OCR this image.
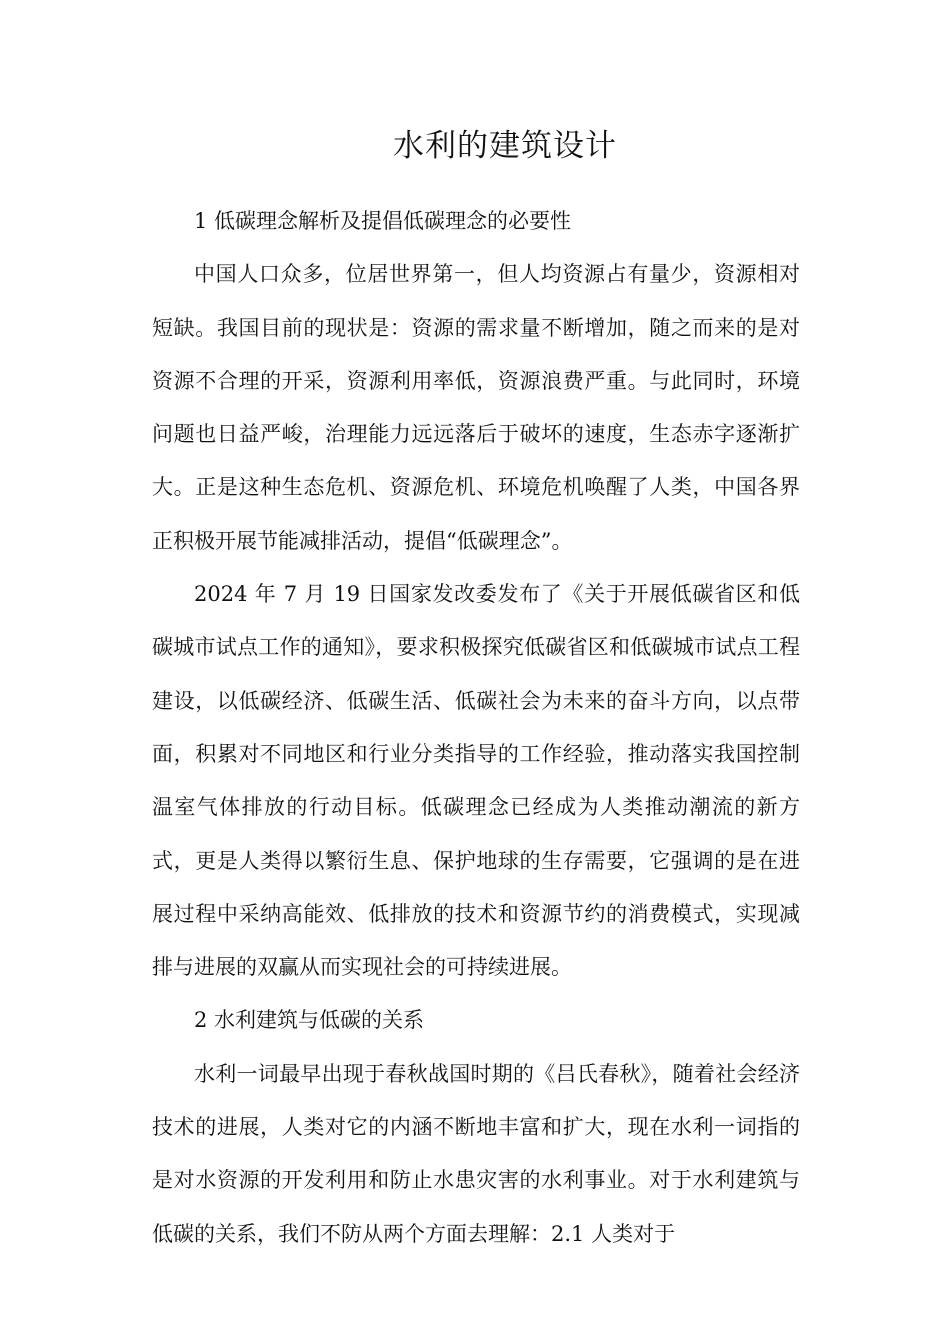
水利的建筑设计

1 低碳理念解析及提倡低碳理念的必要性

中国人口众多，位居世界第一，但人均资源占有量少，资源相对短缺。我国目前的现状是：资源的需求量不断增加，随之而来的是对资源不合理的开采，资源利用率低，资源浪费严重。与此同时，环境问题也日益严峻，治理能力远远落后于破坏的速度，生态赤字逐渐扩大。正是这种生态危机、资源危机、环境危机唤醒了人类，中国各界正积极开展节能减排活动，提倡“低碳理念”。

2024 年 7 月 19 日国家发改委发布了《关于开展低碳省区和低碳城市试点工作的通知》，要求积极探究低碳省区和低碳城市试点工程建设，以低碳经济、低碳生活、低碳社会为未来的奋斗方向，以点带面，积累对不同地区和行业分类指导的工作经验，推动落实我国控制温室气体排放的行动目标。低碳理念已经成为人类推动潮流的新方式，更是人类得以繁衍生息、保护地球的生存需要，它强调的是在进展过程中采纳高能效、低排放的技术和资源节约的消费模式，实现减排与进展的双赢从而实现社会的可持续进展。

2 水利建筑与低碳的关系

水利一词最早出现于春秋战国时期的《吕氏春秋》，随着社会经济技术的进展，人类对它的内涵不断地丰富和扩大，现在水利一词指的是对水资源的开发利用和防止水患灾害的水利事业。对于水利建筑与低碳的关系，我们不防从两个方面去理解：2.1 人类对于
